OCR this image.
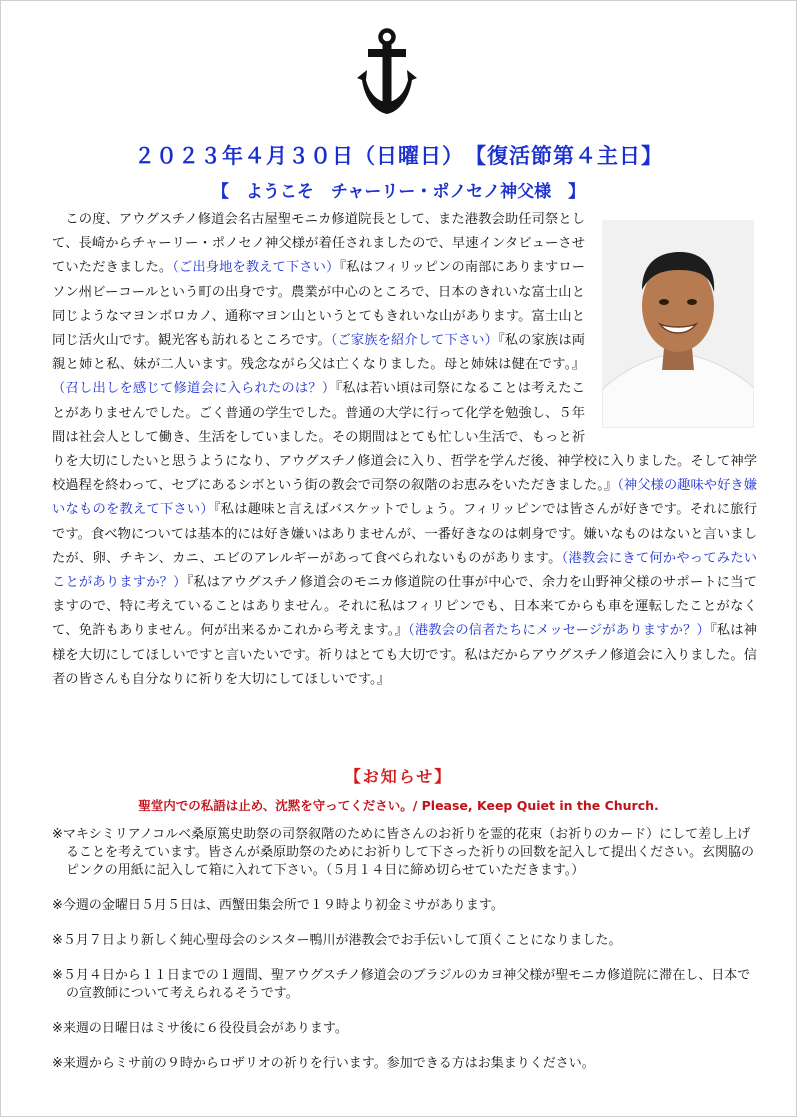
２０２３年４月３０日（日曜日）　【復活節第４主日】
【　ようこそ　チャーリー・ポノセノ神父様　】
　この度、アウグスチノ修道会名古屋聖モニカ修道院長として、また港教会助任司祭として、長崎からチャーリー・ポノセノ神父様が着任されましたので、早速インタビューさせていただきました。（ご出身地を教えて下さい）『私はフィリッピンの南部にありますローソン州ビーコールという町の出身です。農業が中心のところで、日本のきれいな富士山と同じようなマヨンボロカノ、通称マヨン山というとてもきれいな山があります。富士山と同じ活火山です。観光客も訪れるところです。（ご家族を紹介して下さい）『私の家族は両親と姉と私、妹が二人います。残念ながら父は亡くなりました。母と姉妹は健在です。』（召し出しを感じて修道会に入られたのは？）『私は若い頃は司祭になることは考えたことがありませんでした。ごく普通の学生でした。普通の大学に行って化学を勉強し、５年間は社会人として働き、生活をしていました。その期間はとても忙しい生活で、もっと祈りを大切にしたいと思うようになり、アウグスチノ修道会に入り、哲学を学んだ後、神学校に入りました。そして神学校過程を終わって、セブにあるシボという街の教会で司祭の叙階のお恵みをいただきました。』（神父様の趣味や好き嫌いなものを教えて下さい）『私は趣味と言えばバスケットでしょう。フィリッピンでは皆さんが好きです。それに旅行です。食べ物については基本的には好き嫌いはありませんが、一番好きなのは刺身です。嫌いなものはないと言いましたが、卵、チキン、カニ、エビのアレルギーがあって食べられないものがあります。（港教会にきて何かやってみたいことがありますか？）『私はアウグスチノ修道会のモニカ修道院の仕事が中心で、余力を山野神父様のサポートに当てますので、特に考えていることはありません。それに私はフィリピンでも、日本来てからも車を運転したことがなくて、免許もありません。何が出来るかこれから考えます。』（港教会の信者たちにメッセージがありますか？）『私は神様を大切にしてほしいですと言いたいです。祈りはとても大切です。私はだからアウグスチノ修道会に入りました。信者の皆さんも自分なりに祈りを大切にしてほしいです。』
【お知らせ】
聖堂内での私語は止め、沈黙を守ってください。/ Please, Keep Quiet in the Church.

※マキシミリアノコルベ桑原篤史助祭の司祭叙階のために皆さんのお祈りを霊的花束（お祈りのカード）にして差し上げることを考えています。皆さんが桑原助祭のためにお祈りして下さった祈りの回数を記入して提出ください。玄関脇のピンクの用紙に記入して箱に入れて下さい。（５月１４日に締め切らせていただきます。）

※今週の金曜日５月５日は、西蟹田集会所で１９時より初金ミサがあります。

※５月７日より新しく純心聖母会のシスター鴨川が港教会でお手伝いして頂くことになりました。

※５月４日から１１日までの１週間、聖アウグスチノ修道会のブラジルのカヨ神父様が聖モニカ修道院に滞在し、日本での宣教師について考えられるそうです。

※来週の日曜日はミサ後に６役役員会があります。

※来週からミサ前の９時からロザリオの祈りを行います。参加できる方はお集まりください。
